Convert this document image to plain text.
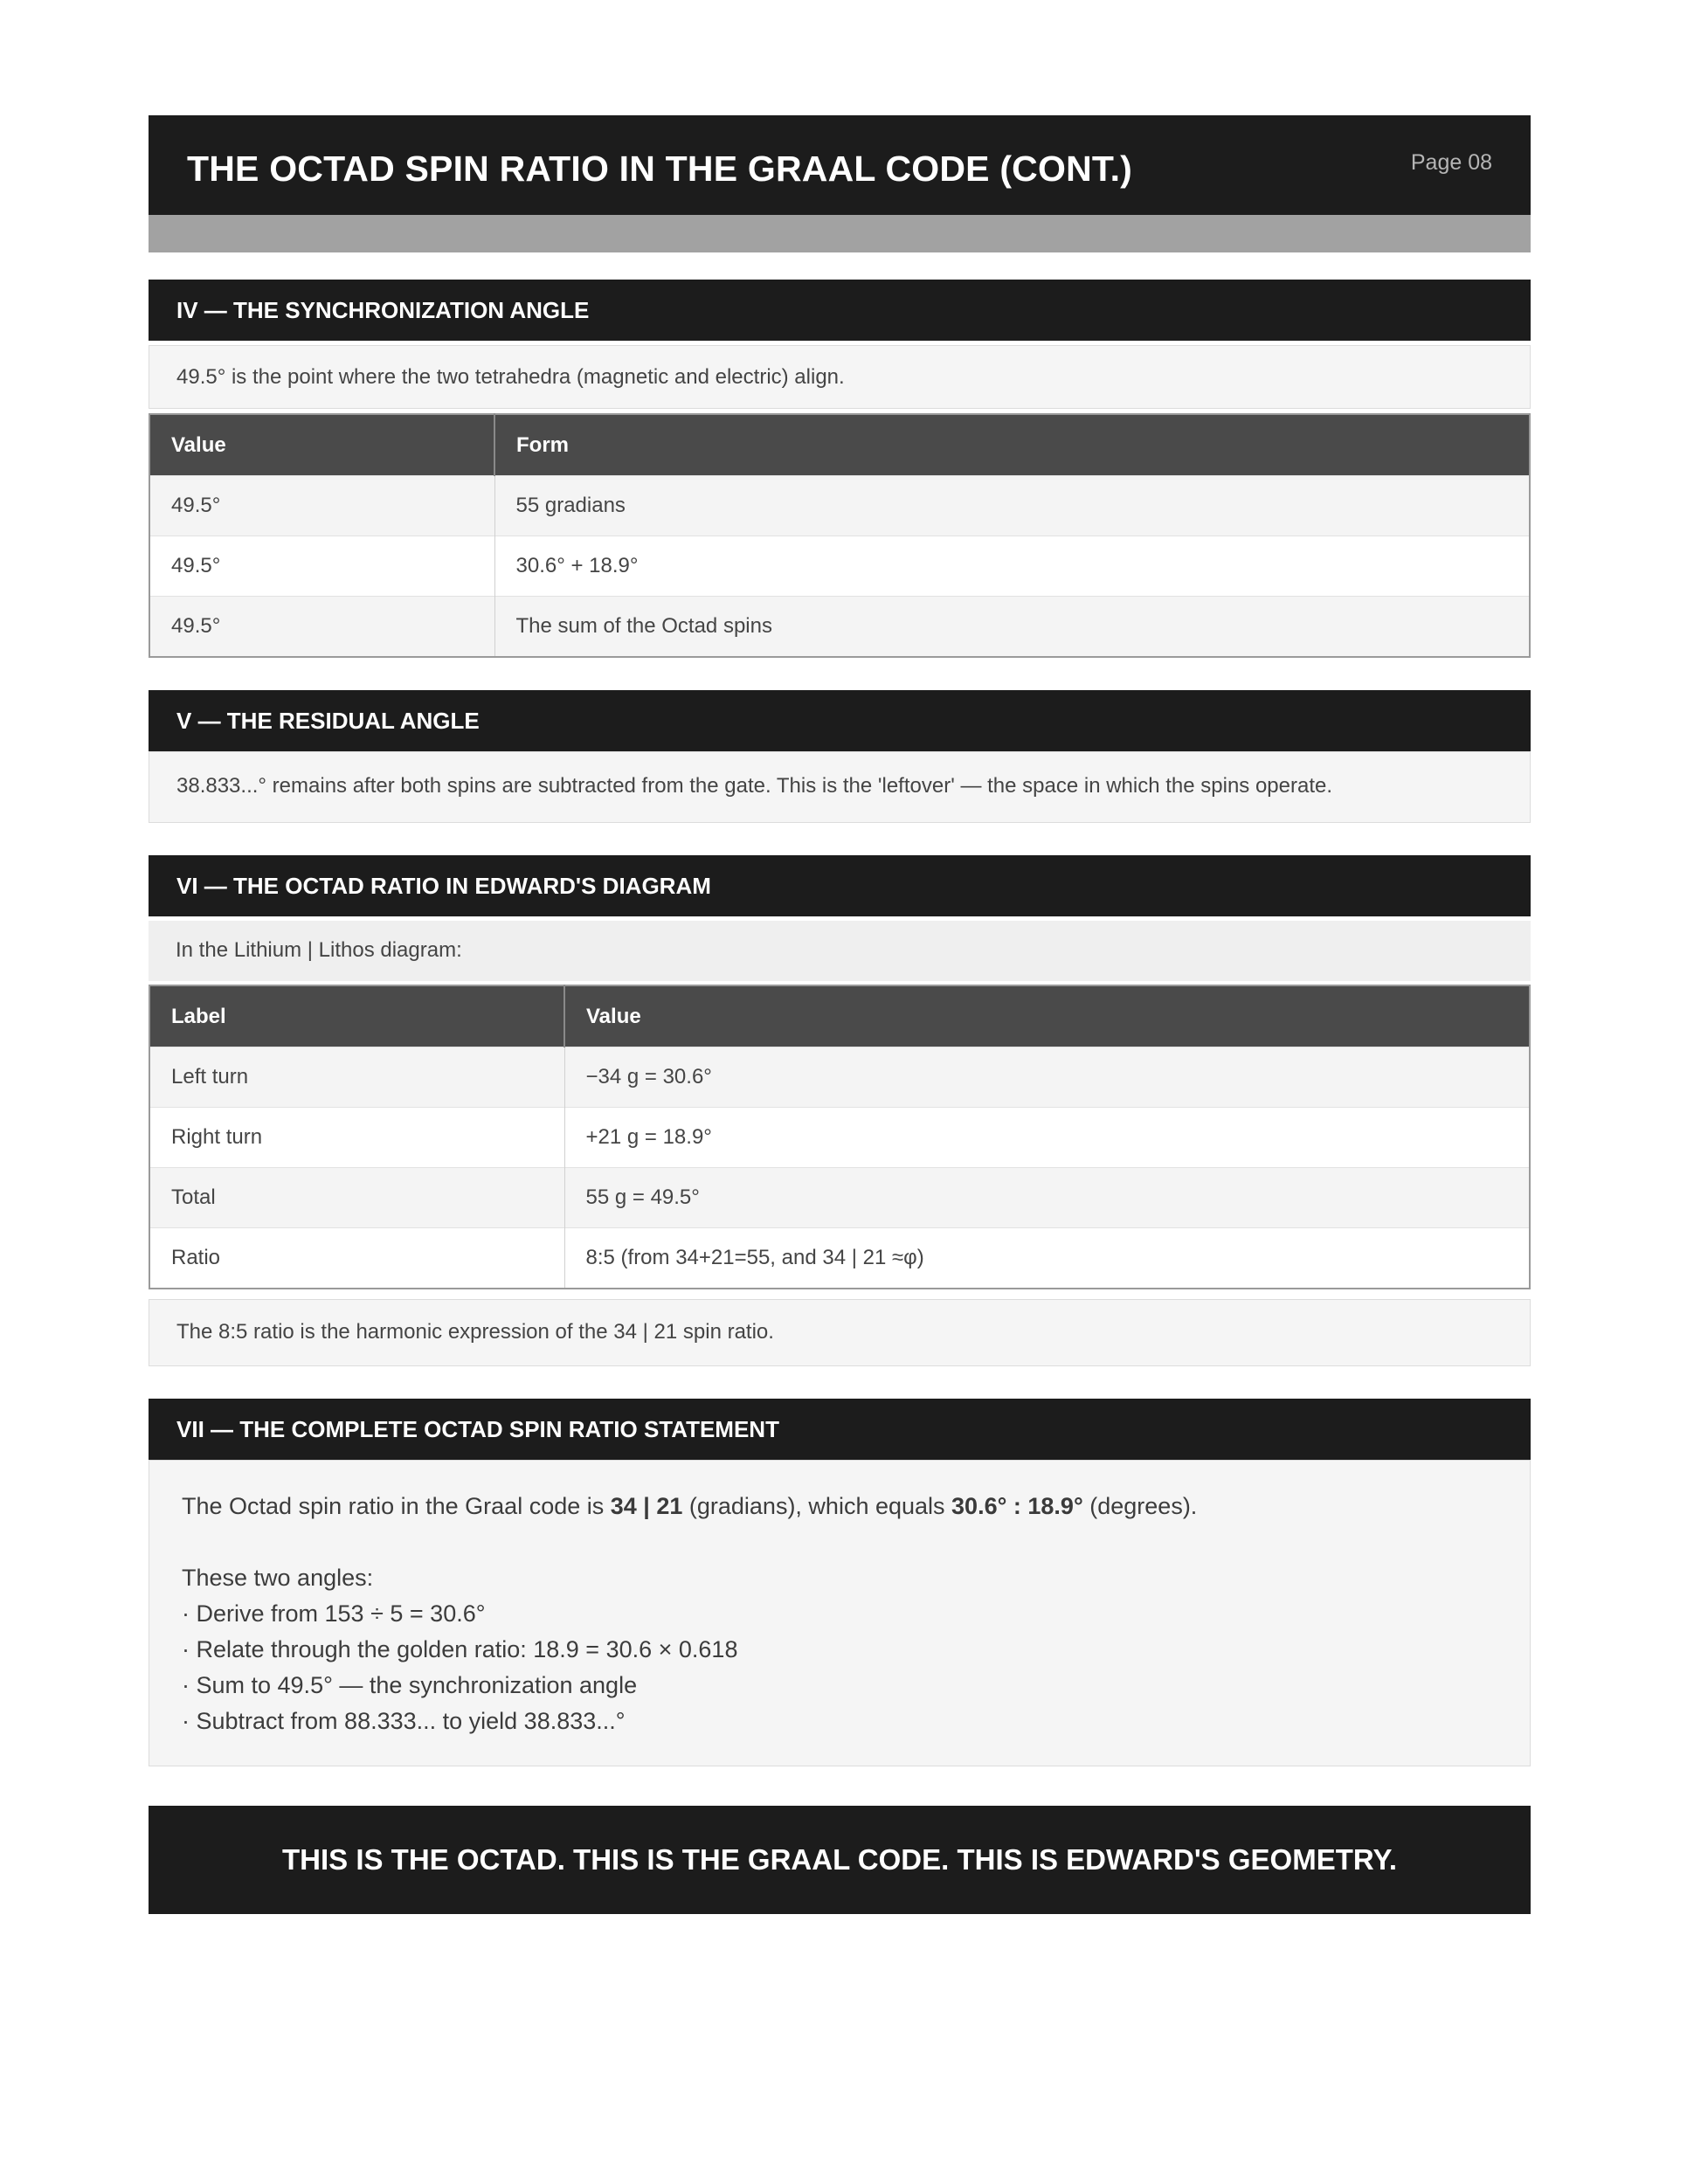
THE OCTAD SPIN RATIO IN THE GRAAL CODE (CONT.)	Page 08
IV — THE SYNCHRONIZATION ANGLE
49.5° is the point where the two tetrahedra (magnetic and electric) align.
Value	Form
49.5°	55 gradians
49.5°	30.6° + 18.9°
49.5°	The sum of the Octad spins
V — THE RESIDUAL ANGLE
38.833...° remains after both spins are subtracted from the gate. This is the 'leftover' — the space in which the spins operate.
VI — THE OCTAD RATIO IN EDWARD'S DIAGRAM
In the Lithium | Lithos diagram:
Label	Value
Left turn	−34 g = 30.6°
Right turn	+21 g = 18.9°
Total	55 g = 49.5°
Ratio	8:5 (from 34+21=55, and 34 | 21 ≈φ)
The 8:5 ratio is the harmonic expression of the 34 | 21 spin ratio.
VII — THE COMPLETE OCTAD SPIN RATIO STATEMENT
The Octad spin ratio in the Graal code is 34 | 21 (gradians), which equals 30.6° : 18.9° (degrees).
These two angles:
· Derive from 153 ÷ 5 = 30.6°
· Relate through the golden ratio: 18.9 = 30.6 × 0.618
· Sum to 49.5° — the synchronization angle
· Subtract from 88.333... to yield 38.833...°
THIS IS THE OCTAD. THIS IS THE GRAAL CODE. THIS IS EDWARD'S GEOMETRY.
